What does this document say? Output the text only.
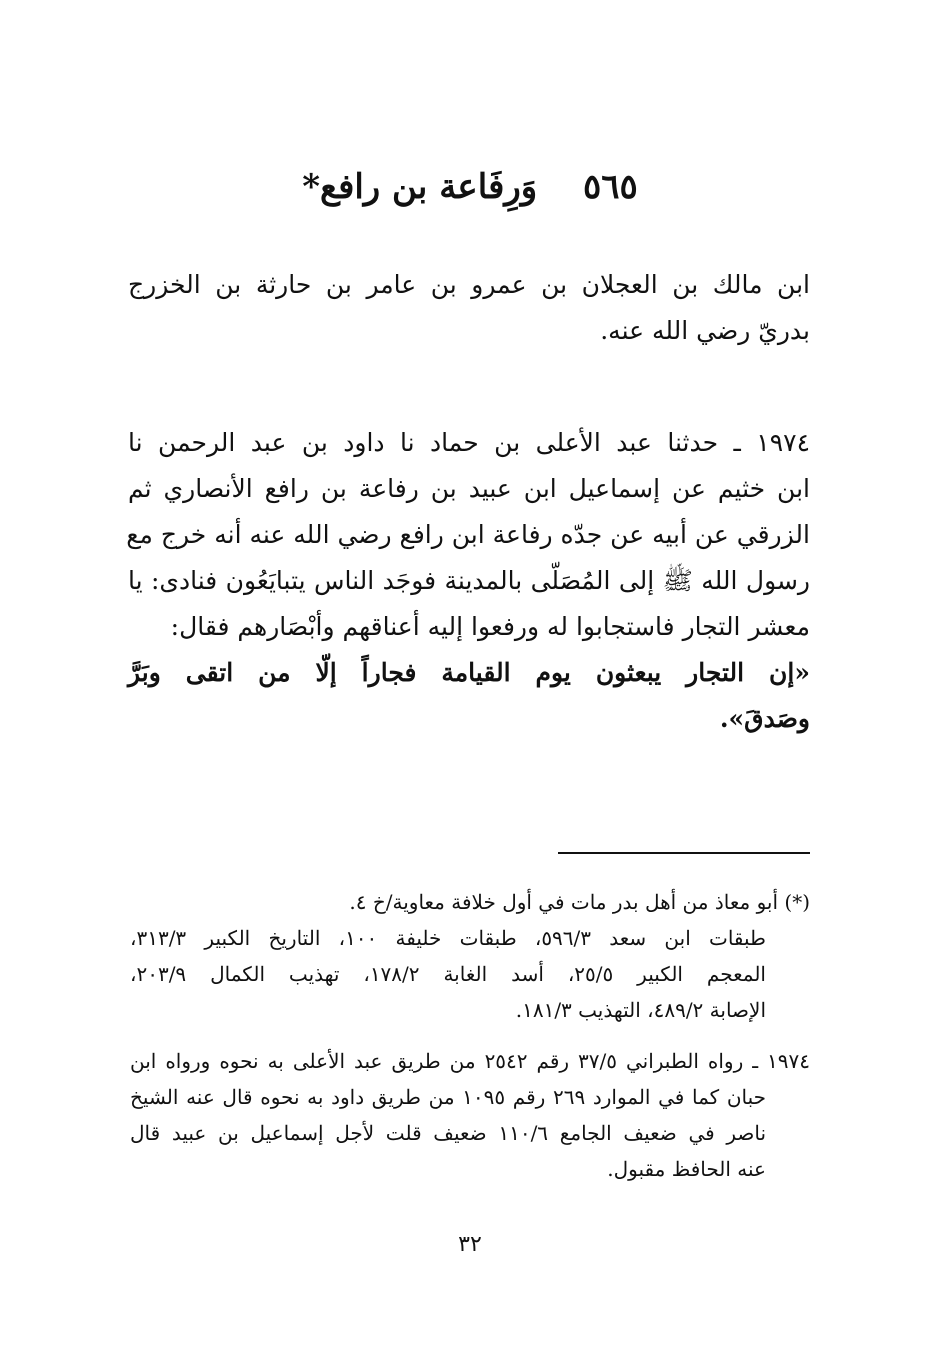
٥٦٥ وَرِفَاعة بن رافع*
ابن مالك بن العجلان بن عمرو بن عامر بن حارثة بن الخزرج
بدريّ رضي الله عنه.
١٩٧٤ ـ حدثنا عبد الأعلى بن حماد نا داود بن عبد الرحمن نا
ابن خثيم عن إسماعيل ابن عبيد بن رفاعة بن رافع الأنصاري ثم
الزرقي عن أبيه عن جدّه رفاعة ابن رافع رضي الله عنه أنه خرج مع
رسول الله ﷺ إلى المُصَلّى بالمدينة فوجَد الناس يتبايَعُون فنادى: يا
معشر التجار فاستجابوا له ورفعوا إليه أعناقهم وأبْصَارهم فقال:
«إن التجار يبعثون يوم القيامة فجاراً إلّا من اتقى وبَرَّ
وصَدقَ».
(*) أبو معاذ من أهل بدر مات في أول خلافة معاوية/خ ٤.
طبقات ابن سعد ٥٩٦/٣، طبقات خليفة ١٠٠، التاريخ الكبير ٣١٣/٣،
المعجم الكبير ٢٥/٥، أسد الغابة ١٧٨/٢، تهذيب الكمال ٢٠٣/٩،
الإصابة ٤٨٩/٢، التهذيب ١٨١/٣.
١٩٧٤ ـ رواه الطبراني ٣٧/٥ رقم ٢٥٤٢ من طريق عبد الأعلى به نحوه ورواه ابن
حبان كما في الموارد ٢٦٩ رقم ١٠٩٥ من طريق داود به نحوه قال عنه الشيخ
ناصر في ضعيف الجامع ١١٠/٦ ضعيف قلت لأجل إسماعيل بن عبيد قال
عنه الحافظ مقبول.
٣٢
